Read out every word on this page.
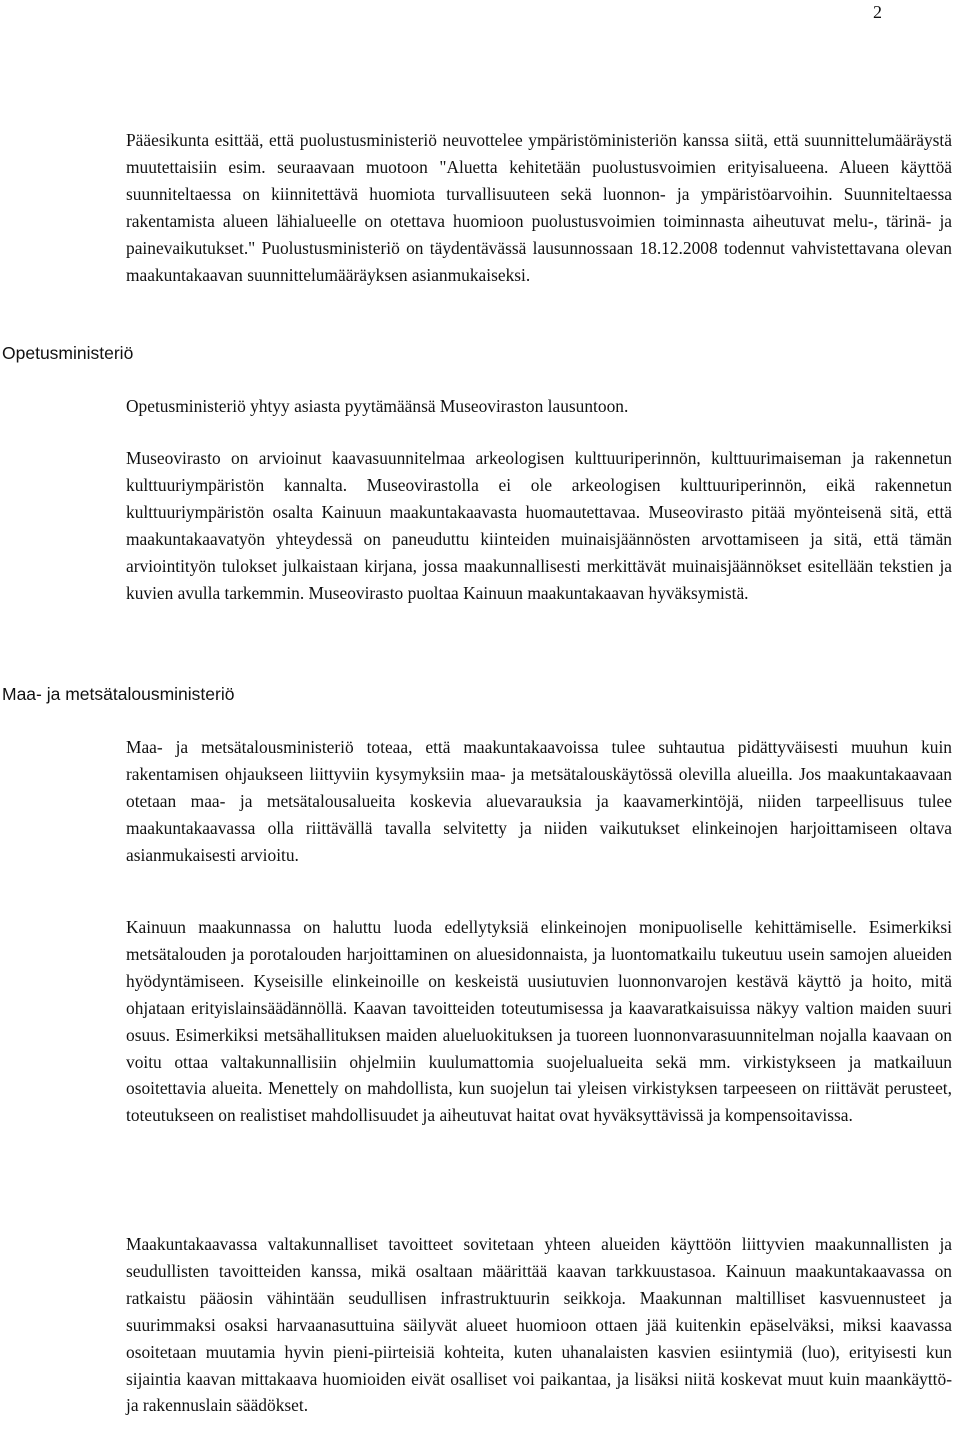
2

Pääesikunta esittää, että puolustusministeriö neuvottelee ympäristöministeriön kanssa siitä, että suunnittelumääräystä muutettaisiin esim. seuraavaan muotoon "Aluetta kehitetään puolustusvoimien erityisalueena. Alueen käyttöä suunniteltaessa on kiinnitettävä huomiota turvallisuuteen sekä luonnon- ja ympäristöarvoihin. Suunniteltaessa rakentamista alueen lähialueelle on otettava huomioon puolustusvoimien toiminnasta aiheutuvat melu-, tärinä- ja painevaikutukset." Puolustusministeriö on täydentävässä lausunnossaan 18.12.2008 todennut vahvistettavana olevan maakuntakaavan suunnittelumääräyksen asianmukaiseksi.

Opetusministeriö

Opetusministeriö yhtyy asiasta pyytämäänsä Museoviraston lausuntoon.

Museovirasto on arvioinut kaavasuunnitelmaa arkeologisen kulttuuriperinnön, kulttuurimaiseman ja rakennetun kulttuuriympäristön kannalta. Museovirastolla ei ole arkeologisen kulttuuriperinnön, eikä rakennetun kulttuuriympäristön osalta Kainuun maakuntakaavasta huomautettavaa. Museovirasto pitää myönteisenä sitä, että maakuntakaavatyön yhteydessä on paneuduttu kiinteiden muinaisjäännösten arvottamiseen ja sitä, että tämän arviointityön tulokset julkaistaan kirjana, jossa maakunnallisesti merkittävät muinaisjäännökset esitellään tekstien ja kuvien avulla tarkemmin. Museovirasto puoltaa Kainuun maakuntakaavan hyväksymistä.

Maa- ja metsätalousministeriö

Maa- ja metsätalousministeriö toteaa, että maakuntakaavoissa tulee suhtautua pidättyväisesti muuhun kuin rakentamisen ohjaukseen liittyviin kysymyksiin maa- ja metsätalouskäytössä olevilla alueilla. Jos maakuntakaavaan otetaan maa- ja metsätalousalueita koskevia aluevarauksia ja kaavamerkintöjä, niiden tarpeellisuus tulee maakuntakaavassa olla riittävällä tavalla selvitetty ja niiden vaikutukset elinkeinojen harjoittamiseen oltava asianmukaisesti arvioitu.

Kainuun maakunnassa on haluttu luoda edellytyksiä elinkeinojen monipuoliselle kehittämiselle. Esimerkiksi metsätalouden ja porotalouden harjoittaminen on aluesidonnaista, ja luontomatkailu tukeutuu usein samojen alueiden hyödyntämiseen. Kyseisille elinkeinoille on keskeistä uusiutuvien luonnonvarojen kestävä käyttö ja hoito, mitä ohjataan erityislainsäädännöllä. Kaavan tavoitteiden toteutumisessa ja kaavaratkaisuissa näkyy valtion maiden suuri osuus. Esimerkiksi metsähallituksen maiden alueluokituksen ja tuoreen luonnonvarasuunnitelman nojalla kaavaan on voitu ottaa valtakunnallisiin ohjelmiin kuulumattomia suojelualueita sekä mm. virkistykseen ja matkailuun osoitettavia alueita. Menettely on mahdollista, kun suojelun tai yleisen virkistyksen tarpeeseen on riittävät perusteet, toteutukseen on realistiset mahdollisuudet ja aiheutuvat haitat ovat hyväksyttävissä ja kompensoitavissa.

Maakuntakaavassa valtakunnalliset tavoitteet sovitetaan yhteen alueiden käyttöön liittyvien maakunnallisten ja seudullisten tavoitteiden kanssa, mikä osaltaan määrittää kaavan tarkkuustasoa. Kainuun maakuntakaavassa on ratkaistu pääosin vähintään seudullisen infrastruktuurin seikkoja. Maakunnan maltilliset kasvuennusteet ja suurimmaksi osaksi harvaanasuttuina säilyvät alueet huomioon ottaen jää kuitenkin epäselväksi, miksi kaavassa osoitetaan muutamia hyvin pieni-piirteisiä kohteita, kuten uhanalaisten kasvien esiintymiä (luo), erityisesti kun sijaintia kaavan mittakaava huomioiden eivät osalliset voi paikantaa, ja lisäksi niitä koskevat muut kuin maankäyttö- ja rakennuslain säädökset.
